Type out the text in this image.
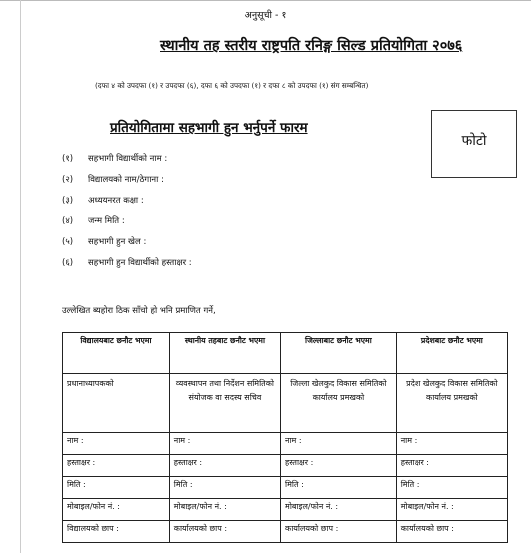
अनुसूची - १
स्थानीय तह स्तरीय राष्ट्रपति रनिङ्ग सिल्ड प्रतियोगिता २०७६
(दफा ४ को उपदफा (१) र उपदफा (६), दफा ६ को उपदफा (१) र दफा ८ को उपदफा (१) संग सम्बन्धित)
प्रतियोगितामा सहभागी हुन भर्नुपर्ने फारम
फोटो
(१)	सहभागी विद्यार्थीको नाम :
(२)	विद्यालयको नाम/ठेगाना :
(३)	अध्ययनरत कक्षा :
(४)	जन्म मिति :
(५)	सहभागी हुन खेल :
(६)	सहभागी हुन विद्यार्थीको हस्ताक्षर :
उल्लेखित ब्यहोरा ठिक साँचो हो भनि प्रमाणित गर्ने,
विद्यालयबाट छनौट भएमा	स्थानीय तहबाट छनौट भएमा	जिल्लाबाट छनौट भएमा	प्रदेशबाट छनौट भएमा
प्रधानाध्यापकको	व्यवस्थापन तथा निर्देशन समितिको संयोजक वा सदस्य सचिव	जिल्ला खेलकुद विकास समितिको कार्यालय प्रमखको	प्रदेश खेलकुद विकास समितिको कार्यालय प्रमखको
नाम :	नाम :	नाम :	नाम :
हस्ताक्षर :	हस्ताक्षर :	हस्ताक्षर :	हस्ताक्षर :
मिति :	मिति :	मिति :	मिति :
मोबाइल/फोन नं. :	मोबाइल/फोन नं. :	मोबाइल/फोन नं. :	मोबाइल/फोन नं. :
विद्यालयको छाप :	कार्यालयको छाप :	कार्यालयको छाप :	कार्यालयको छाप :
